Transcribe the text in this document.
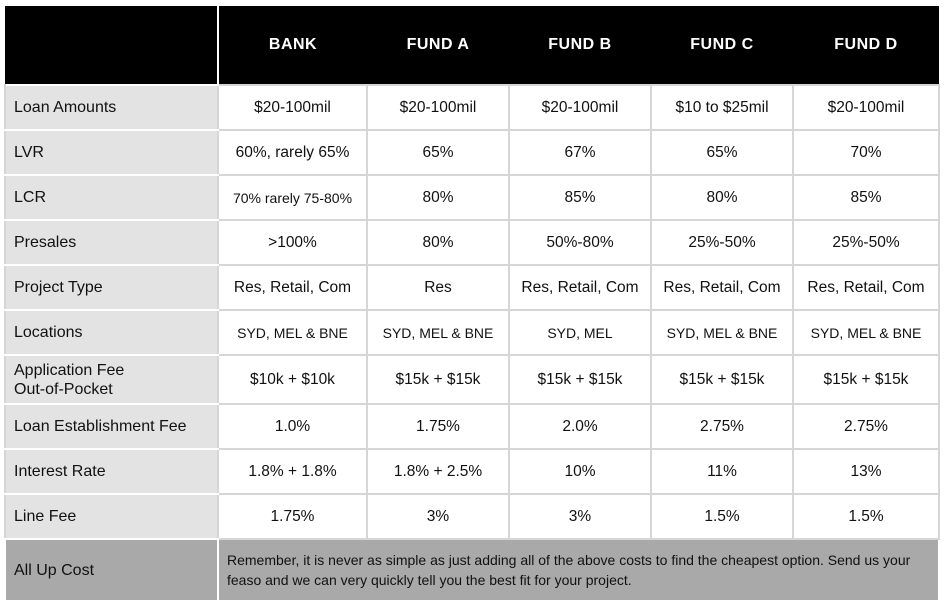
	BANK	FUND A	FUND B	FUND C	FUND D
Loan Amounts	$20-100mil	$20-100mil	$20-100mil	$10 to $25mil	$20-100mil
LVR	60%, rarely 65%	65%	67%	65%	70%
LCR	70% rarely 75-80%	80%	85%	80%	85%
Presales	>100%	80%	50%-80%	25%-50%	25%-50%
Project Type	Res, Retail, Com	Res	Res, Retail, Com	Res, Retail, Com	Res, Retail, Com
Locations	SYD, MEL & BNE	SYD, MEL & BNE	SYD, MEL	SYD, MEL & BNE	SYD, MEL & BNE
Application Fee
Out-of-Pocket	$10k + $10k	$15k + $15k	$15k + $15k	$15k + $15k	$15k + $15k
Loan Establishment Fee	1.0%	1.75%	2.0%	2.75%	2.75%
Interest Rate	1.8% + 1.8%	1.8% + 2.5%	10%	11%	13%
Line Fee	1.75%	3%	3%	1.5%	1.5%
All Up Cost	Remember, it is never as simple as just adding all of the above costs to find the cheapest option. Send us your feaso and we can very quickly tell you the best fit for your project.				
